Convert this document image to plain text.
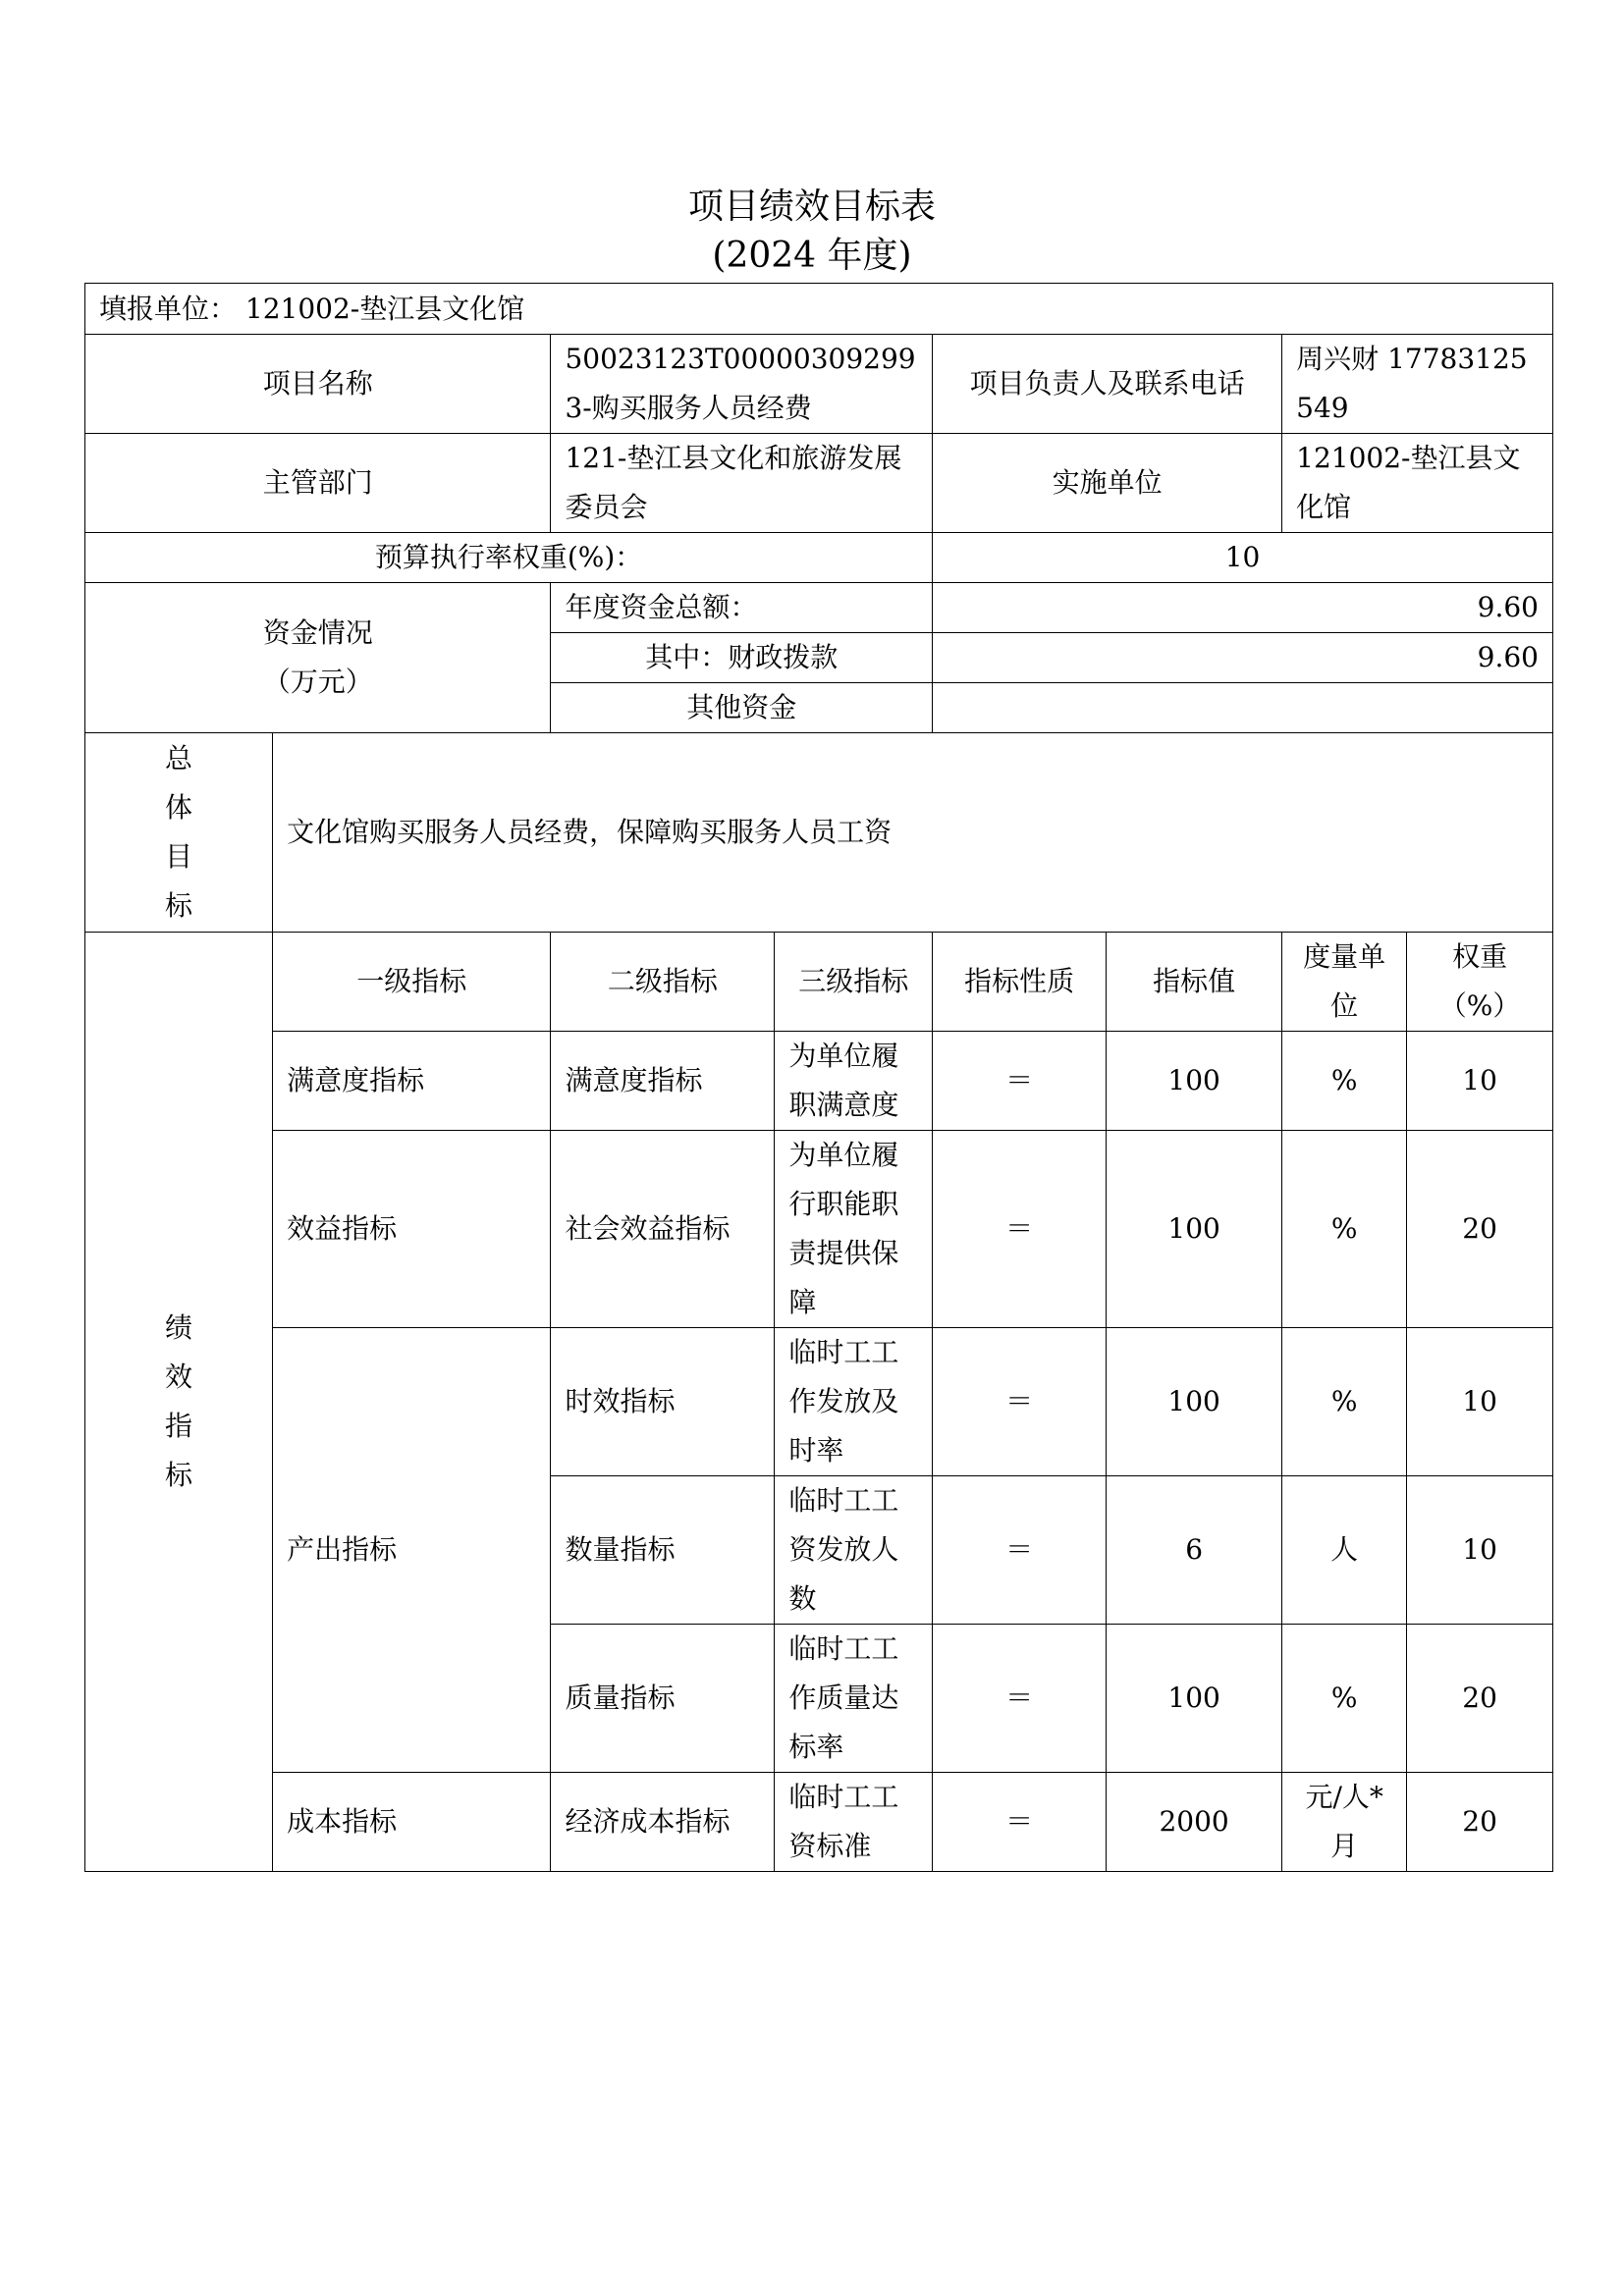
项目绩效目标表
(2024 年度)
填报单位： 121002-垫江县文化馆							
项目名称		50023123T000003092993-购买服务人员经费		项目负责人及联系电话		周兴财 17783125549	
主管部门		121-垫江县文化和旅游发展委员会		实施单位		121002-垫江县文化馆	
预算执行率权重(%)：				10			

资金情况
（万元）		年度资金总额：		9.60			
		其中：财政拨款		9.60			
		其他资金					

总
体
目
标	文化馆购买服务人员经费，保障购买服务人员工资						

绩
效
指
标	一级指标	二级指标	三级指标	指标性质	指标值	度量单位	权重（%）
	满意度指标	满意度指标	为单位履职满意度	＝	100	%	10
	效益指标	社会效益指标	为单位履行职能职责提供保障	＝	100	%	20
	产出指标	时效指标	临时工工作发放及时率	＝	100	%	10
		数量指标	临时工工资发放人数	＝	6	人	10
		质量指标	临时工工作质量达标率	＝	100	%	20
	成本指标	经济成本指标	临时工工资标准	＝	2000	元/人*月	20
